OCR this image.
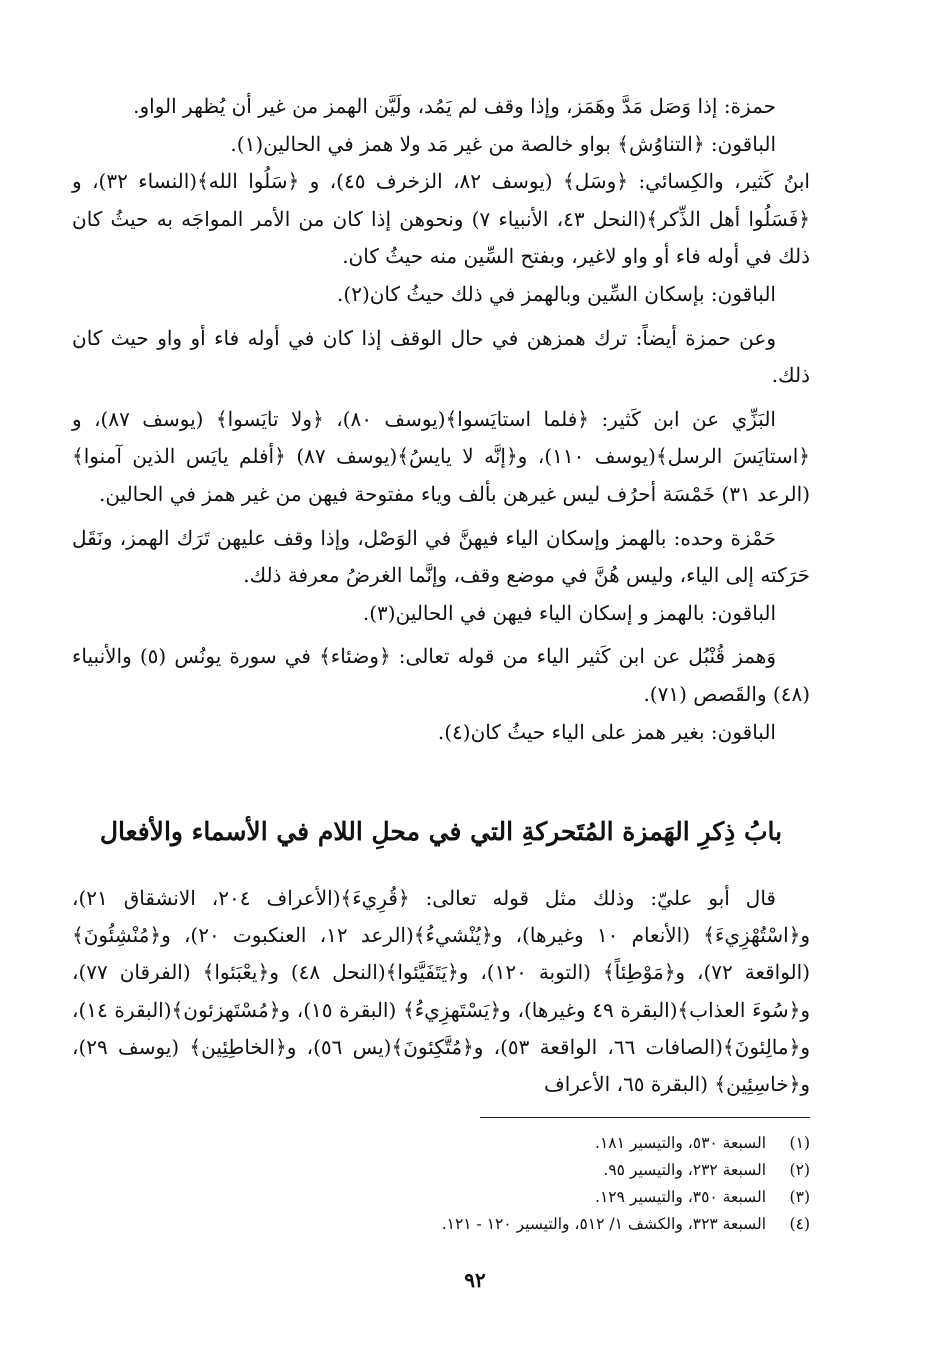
حمزة: إذا وَصَل مَدَّ وهَمَز، وإذا وقف لم يَمُد، ولَيَّن الهمز من غير أن يُظهر الواو.

الباقون: ﴿التناوُش﴾ بواو خالصة من غير مَد ولا همز في الحالين(١).

ابنُ كَثير، والكِسائي: ﴿وسَل﴾ (يوسف ٨٢، الزخرف ٤٥)، و ﴿سَلُوا الله﴾(النساء ٣٢)، و ﴿فَسَلُوا أهل الذِّكر﴾(النحل ٤٣، الأنبياء ٧) ونحوهن إذا كان من الأمر المواجَه به حيثُ كان ذلك في أوله فاء أو واو لاغير، وبفتح السِّين منه حيثُ كان.

الباقون: بإسكان السِّين وبالهمز في ذلك حيثُ كان(٢).

وعن حمزة أيضاً: ترك همزهن في حال الوقف إذا كان في أوله فاء أو واو حيث كان ذلك.

البَزِّي عن ابن كَثير: ﴿فلما استايَسوا﴾(يوسف ٨٠)، ﴿ولا تايَسوا﴾ (يوسف ٨٧)، و ﴿استايَسَ الرسل﴾(يوسف ١١٠)، و﴿إنَّه لا يايسُ﴾(يوسف ٨٧) ﴿أفلم يايَس الذين آمنوا﴾(الرعد ٣١) خَمْسَة أحرُف ليس غيرهن بألف وياء مفتوحة فيهن من غير همز في الحالين.

حَمْزة وحده: بالهمز وإسكان الياء فيهنَّ في الوَصْل، وإذا وقف عليهن تَرَك الهمز، ونَقَل حَرَكته إلى الياء، وليس هُنَّ في موضع وقف، وإنَّما الغرضُ معرفة ذلك.

الباقون: بالهمز و إسكان الياء فيهن في الحالين(٣).

وَهمز قُنْبُل عن ابن كَثير الياء من قوله تعالى: ﴿وضئاء﴾ في سورة يونُس (٥) والأنبياء (٤٨) والقَصص (٧١).

الباقون: بغير همز على الياء حيثُ كان(٤).

بابُ ذِكرِ الهَمزة المُتَحركةِ التي في محلِ اللام في الأسماء والأفعال

قال أبو عليّ: وذلك مثل قوله تعالى: ﴿قُرِيءَ﴾(الأعراف ٢٠٤، الانشقاق ٢١)، و﴿اسْتُهْزِيءَ﴾ (الأنعام ١٠ وغيرها)، و﴿يُنْشيءُ﴾(الرعد ١٢، العنكبوت ٢٠)، و﴿مُنْشِئُونَ﴾ (الواقعة ٧٢)، و﴿مَوْطِئاً﴾ (التوبة ١٢٠)، و﴿يَتَفَيَّئوا﴾(النحل ٤٨) و﴿يعْبَئوا﴾ (الفرقان ٧٧)، و﴿سُوءَ العذاب﴾(البقرة ٤٩ وغيرها)، و﴿يَسْتَهزِيءُ﴾ (البقرة ١٥)، و﴿مُسْتَهزئون﴾(البقرة ١٤)، و﴿مالِئونَ﴾(الصافات ٦٦، الواقعة ٥٣)، و﴿مُتَّكِئونَ﴾(يس ٥٦)، و﴿الخاطِئِين﴾ (يوسف ٢٩)، و﴿خاسِئِين﴾ (البقرة ٦٥، الأعراف

(١)السبعة ٥٣٠، والتيسير ١٨١.
(٢)السبعة ٢٣٢، والتيسير ٩٥.
(٣)السبعة ٣٥٠، والتيسير ١٢٩.
(٤)السبعة ٣٢٣، والكشف ١/ ٥١٢، والتيسير ١٢٠ - ١٢١.
٩٢
